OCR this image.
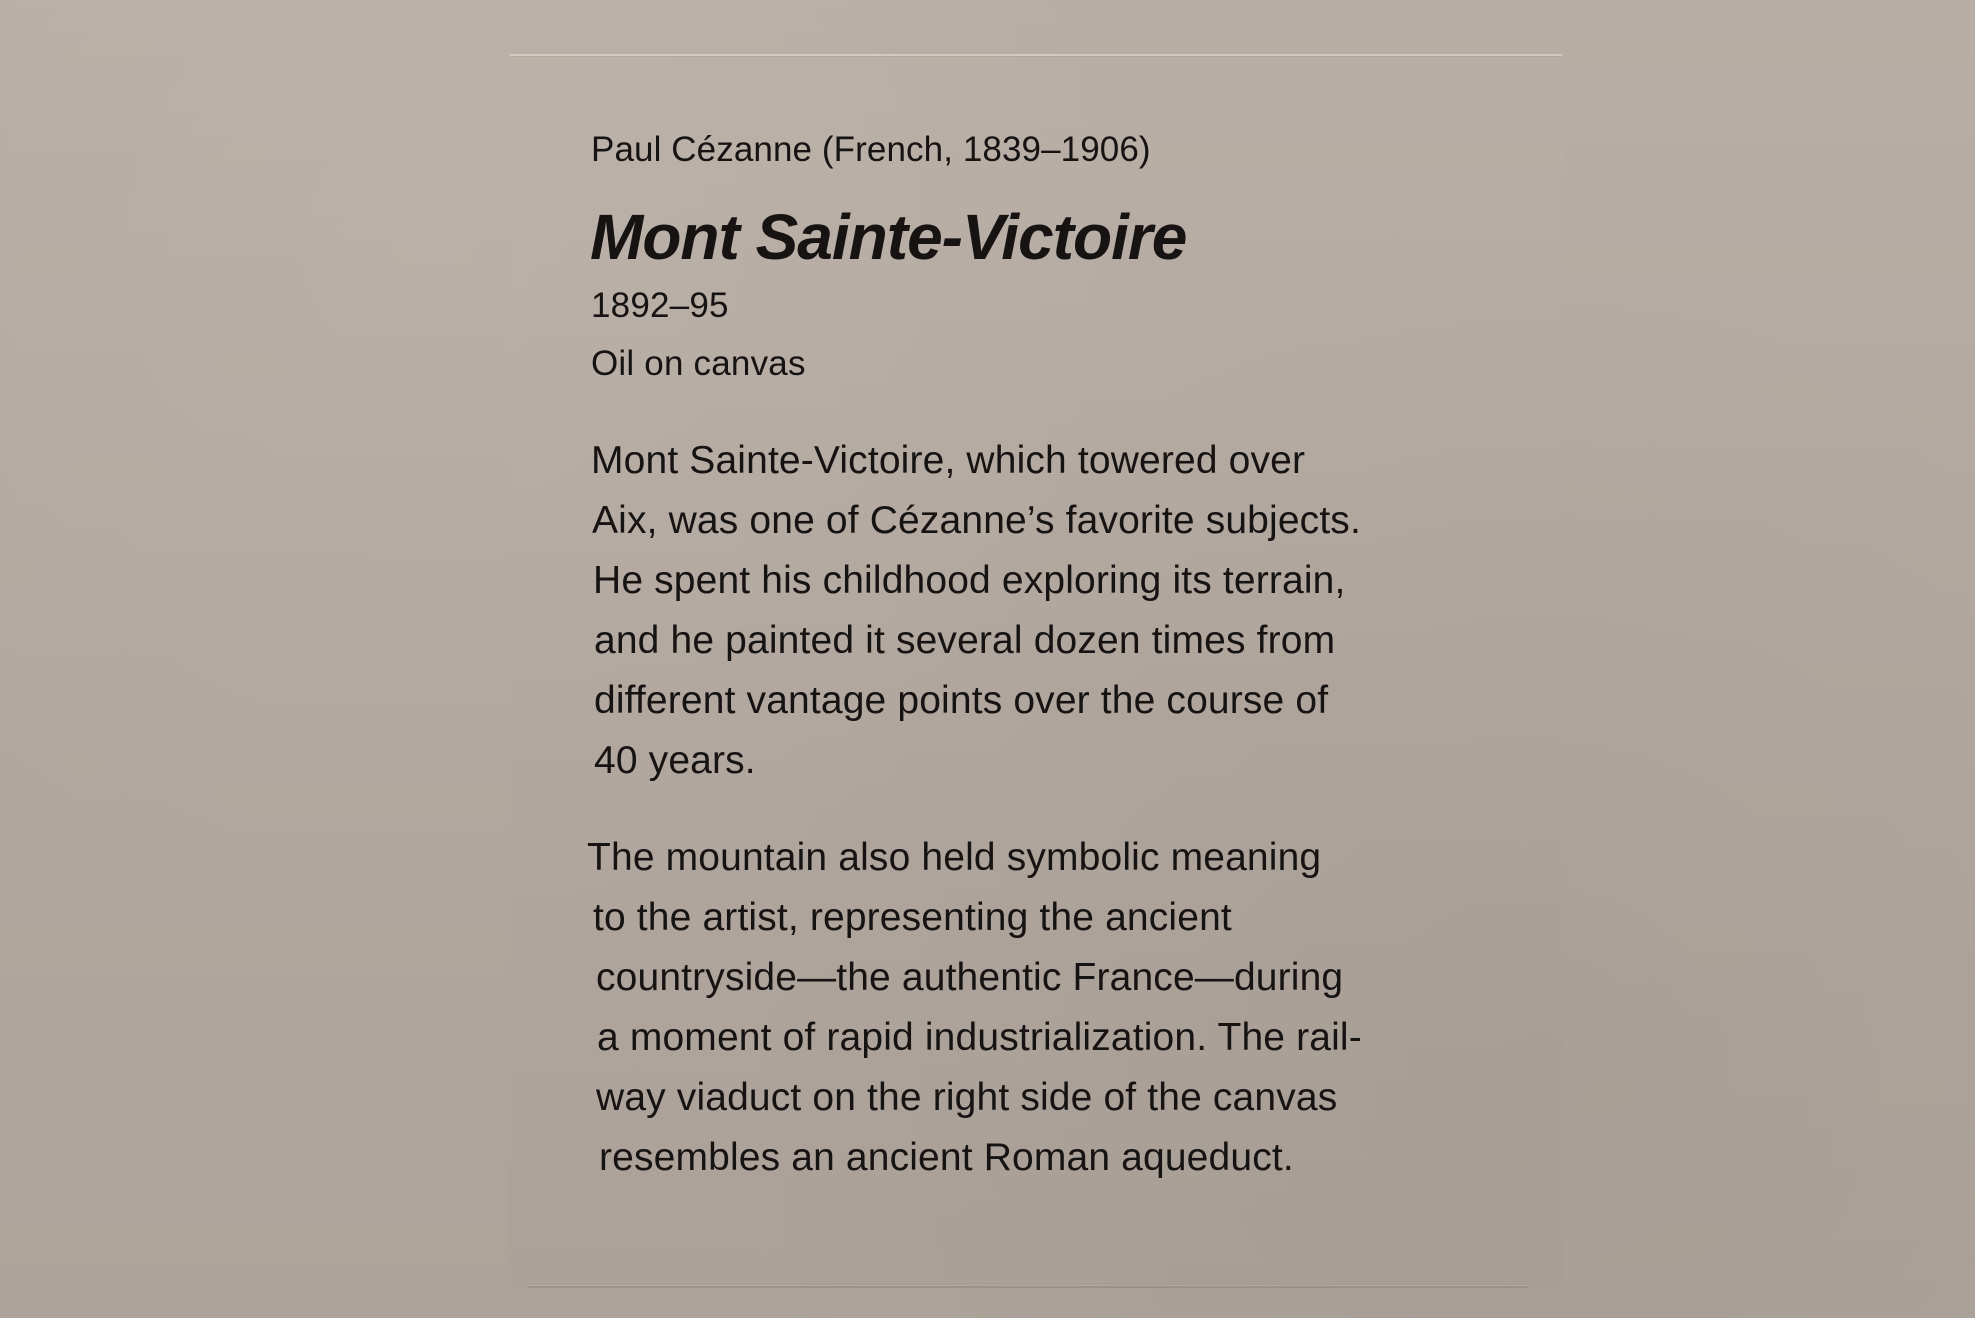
Paul Cézanne (French, 1839–1906)

Mont Sainte-Victoire

1892–95

Oil on canvas

Mont Sainte-Victoire, which towered over
Aix, was one of Cézanne’s favorite subjects.
He spent his childhood exploring its terrain,
and he painted it several dozen times from
different vantage points over the course of
40 years.

The mountain also held symbolic meaning
to the artist, representing the ancient
countryside—the authentic France—during
a moment of rapid industrialization. The rail-
way viaduct on the right side of the canvas
resembles an ancient Roman aqueduct.
